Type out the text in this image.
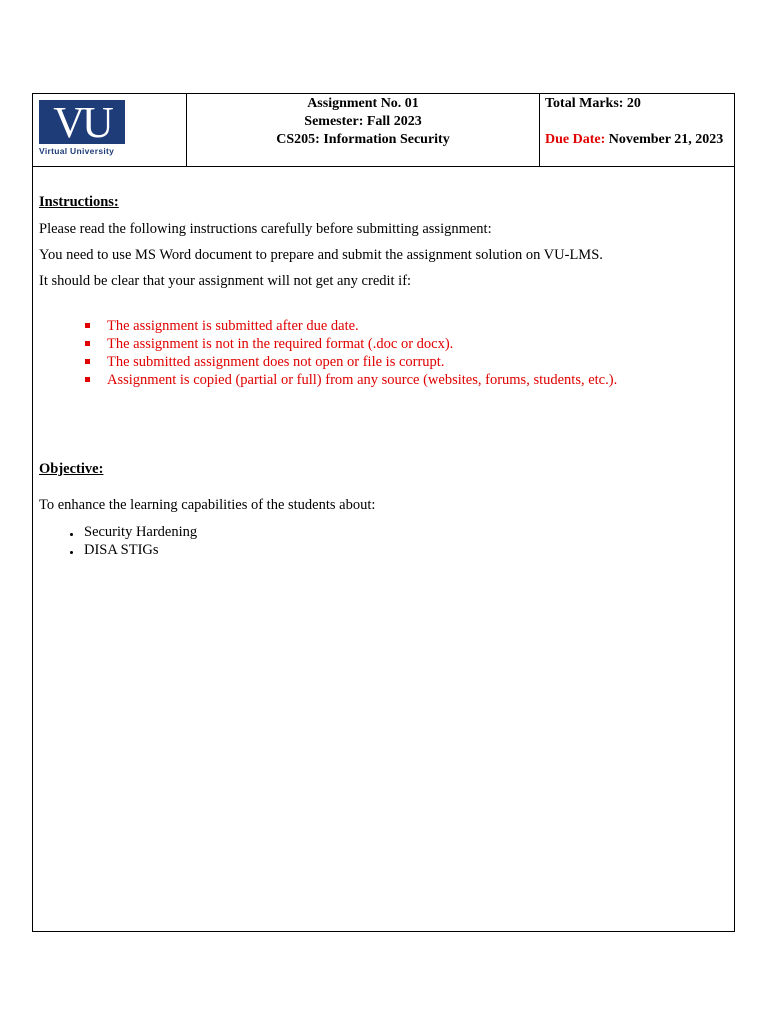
VU
Virtual University
Assignment No. 01
Semester: Fall 2023
CS205: Information Security
Total Marks: 20
Due Date: November 21, 2023
Instructions:
Please read the following instructions carefully before submitting assignment:
You need to use MS Word document to prepare and submit the assignment solution on VU-LMS.
It should be clear that your assignment will not get any credit if:
The assignment is submitted after due date.
The assignment is not in the required format (.doc or docx).
The submitted assignment does not open or file is corrupt.
Assignment is copied (partial or full) from any source (websites, forums, students, etc.).
Objective:
To enhance the learning capabilities of the students about:
Security Hardening
DISA STIGs
